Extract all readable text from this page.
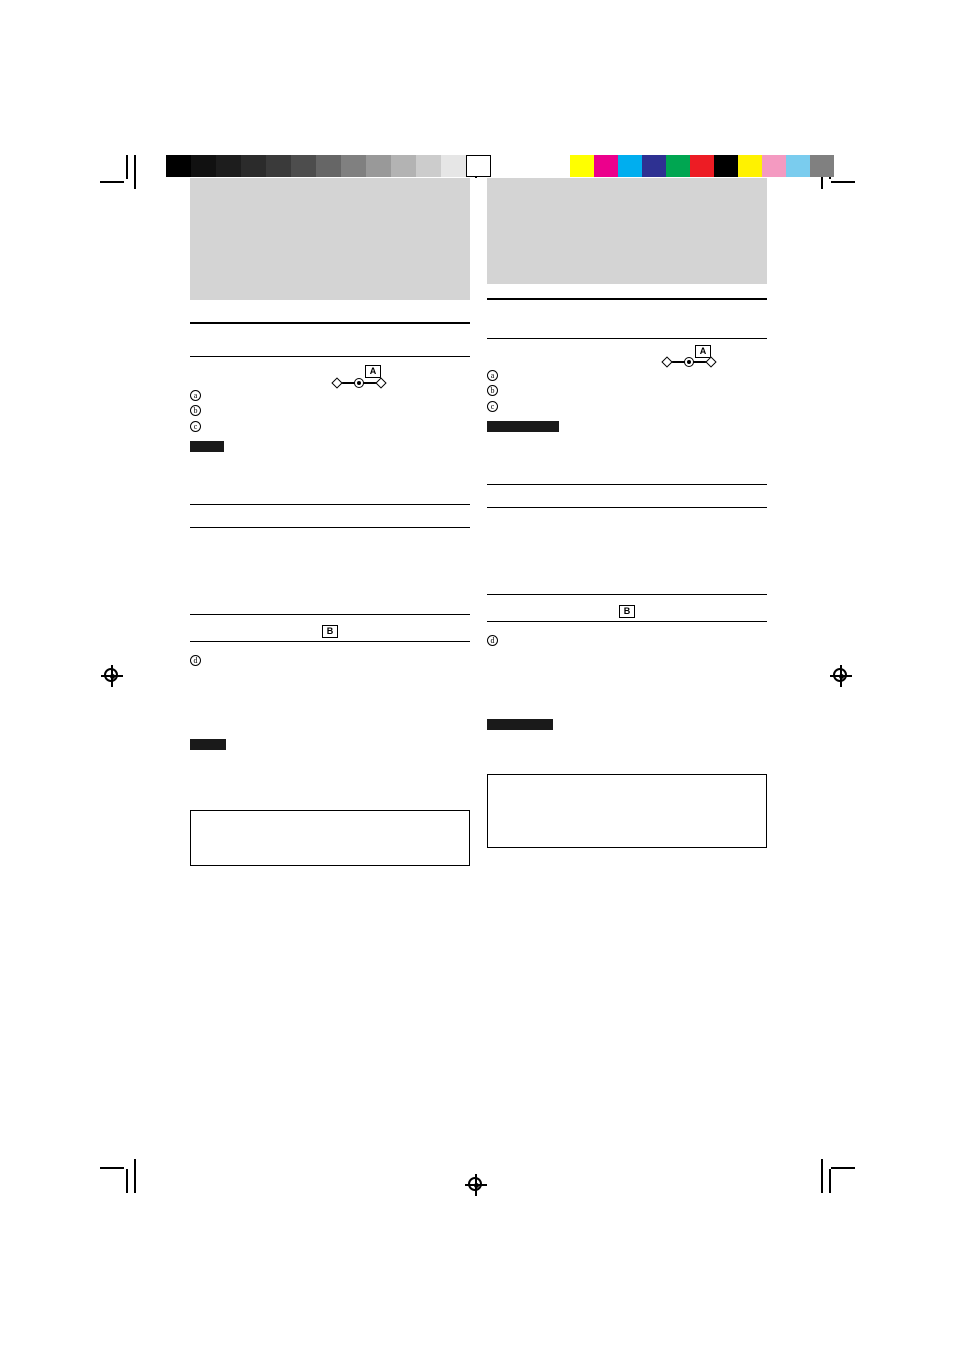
A
a
b
c
B
d
A
a
b
c
B
d
